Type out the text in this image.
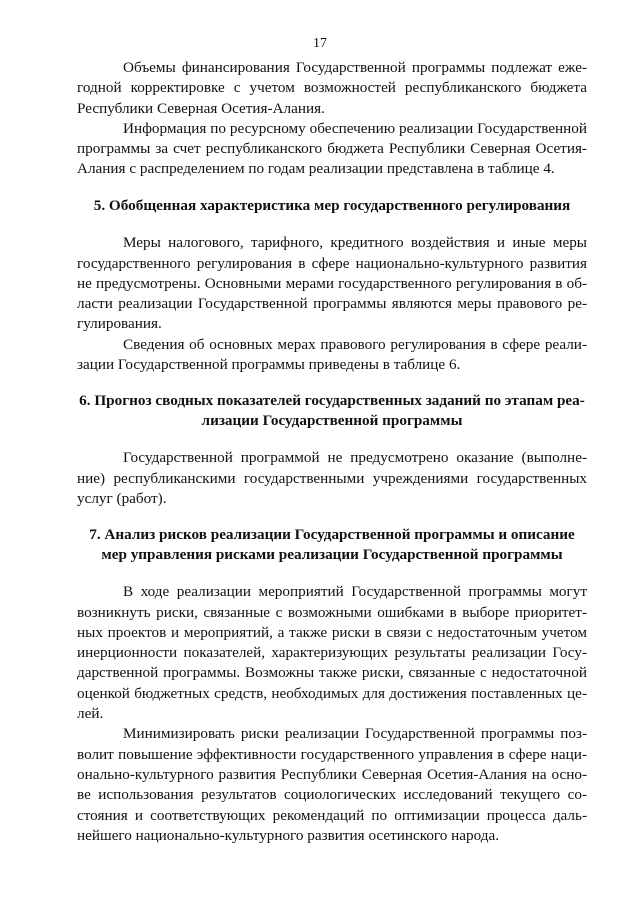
17

Объемы финансирования Государственной программы подлежат ежегодной корректировке с учетом возможностей республиканского бюджета Республики Северная Осетия-Алания.

Информация по ресурсному обеспечению реализации Государственной программы за счет республиканского бюджета Республики Северная Осетия-Алания с распределением по годам реализации представлена в таблице 4.

5. Обобщенная характеристика мер государственного регулирования

Меры налогового, тарифного, кредитного воздействия и иные меры государственного регулирования в сфере национально-культурного развития не предусмотрены. Основными мерами государственного регулирования в области реализации Государственной программы являются меры правового регулирования.

Сведения об основных мерах правового регулирования в сфере реализации Государственной программы приведены в таблице 6.

6. Прогноз сводных показателей государственных заданий по этапам реализации Государственной программы

Государственной программой не предусмотрено оказание (выполнение) республиканскими государственными учреждениями государственных услуг (работ).

7. Анализ рисков реализации Государственной программы и описание мер управления рисками реализации Государственной программы

В ходе реализации мероприятий Государственной программы могут возникнуть риски, связанные с возможными ошибками в выборе приоритетных проектов и мероприятий, а также риски в связи с недостаточным учетом инерционности показателей, характеризующих результаты реализации Государственной программы. Возможны также риски, связанные с недостаточной оценкой бюджетных средств, необходимых для достижения поставленных целей.

Минимизировать риски реализации Государственной программы позволит повышение эффективности государственного управления в сфере национально-культурного развития Республики Северная Осетия-Алания на основе использования результатов социологических исследований текущего состояния и соответствующих рекомендаций по оптимизации процесса дальнейшего национально-культурного развития осетинского народа.
